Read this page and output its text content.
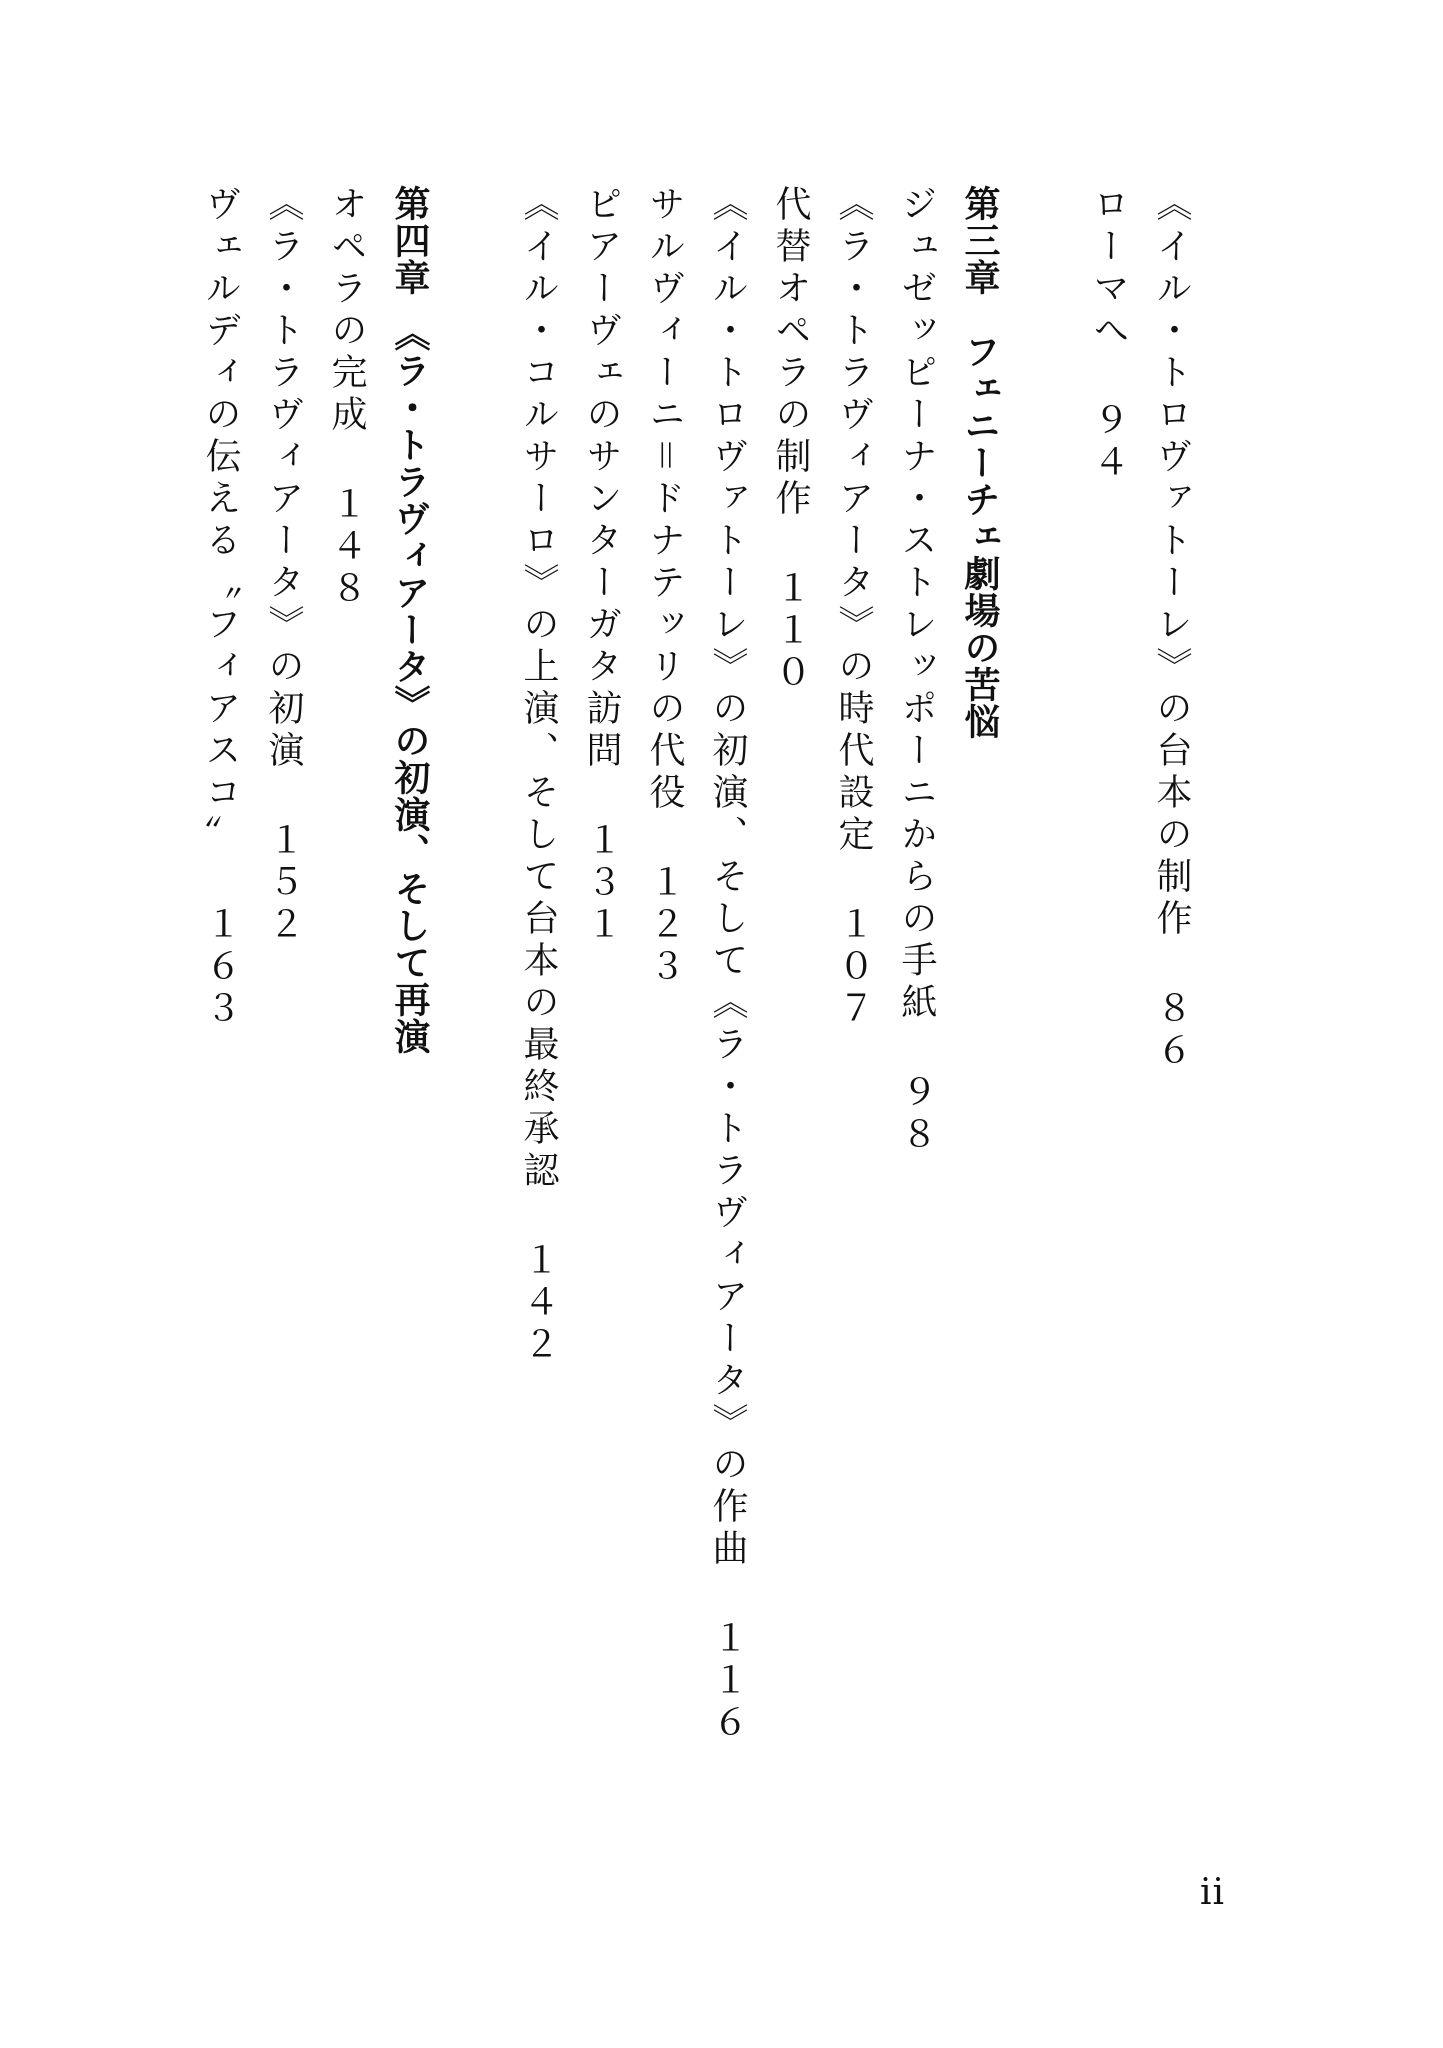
《イル・トロヴァトーレ》の台本の制作８６
ローマへ９４
第三章　フェニーチェ劇場の苦悩
ジュゼッピーナ・ストレッポーニからの手紙９８
《ラ・トラヴィアータ》の時代設定１０７
代替オペラの制作１１０
《イル・トロヴァトーレ》の初演、そして《ラ・トラヴィアータ》の作曲１１６
サルヴィーニ＝ドナテッリの代役１２３
ピアーヴェのサンターガタ訪問１３１
《イル・コルサーロ》の上演、そして台本の最終承認１４２
第四章　《ラ・トラヴィアータ》の初演、そして再演
オペラの完成１４８
《ラ・トラヴィアータ》の初演１５２
ヴェルディの伝える〝フィアスコ〟１６３
ii
